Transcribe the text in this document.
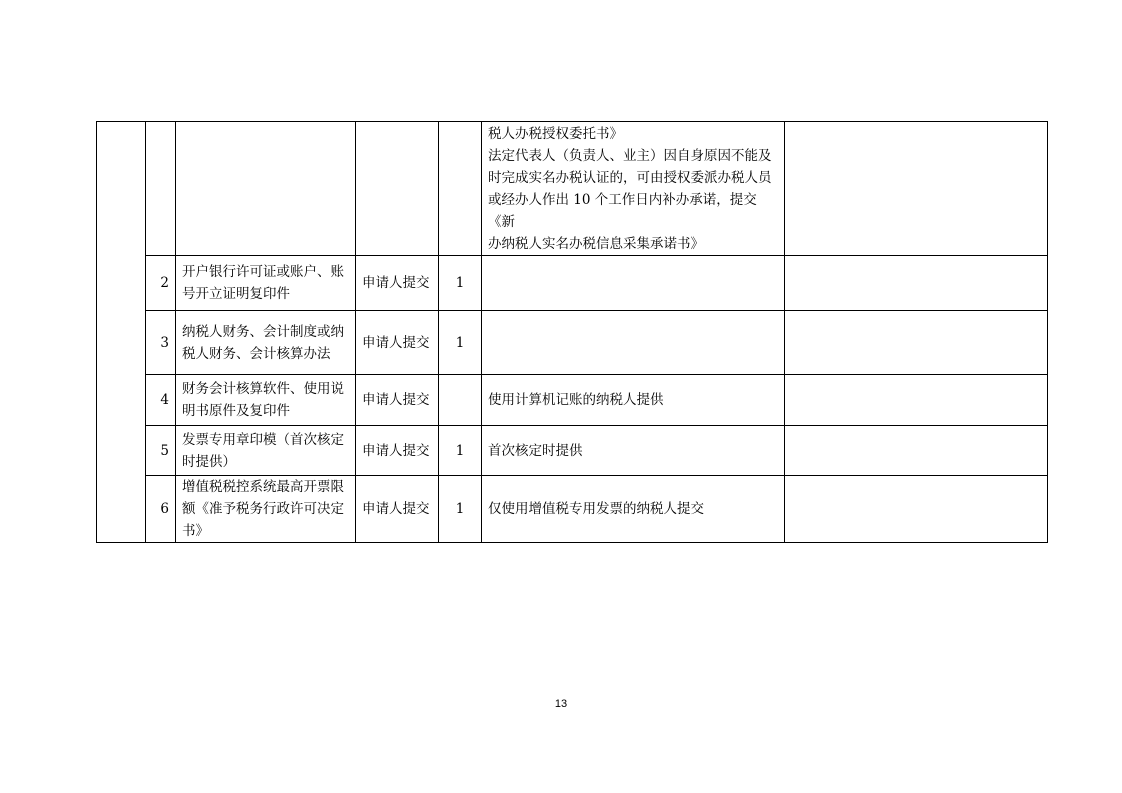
					税人办税授权委托书》
法定代表人（负责人、业主）因自身原因不能及
时完成实名办税认证的，可由授权委派办税人员
或经办人作出 10 个工作日内补办承诺，提交《新
办纳税人实名办税信息采集承诺书》	

	2	开户银行许可证或账户、账号开立证明复印件	申请人提交	1		
	3	纳税人财务、会计制度或纳税人财务、会计核算办法	申请人提交	1		
	4	财务会计核算软件、使用说明书原件及复印件	申请人提交		使用计算机记账的纳税人提供	
	5	发票专用章印模（首次核定时提供）	申请人提交	1	首次核定时提供	
	6	增值税税控系统最高开票限额《准予税务行政许可决定书》	申请人提交	1	仅使用增值税专用发票的纳税人提交	
13
